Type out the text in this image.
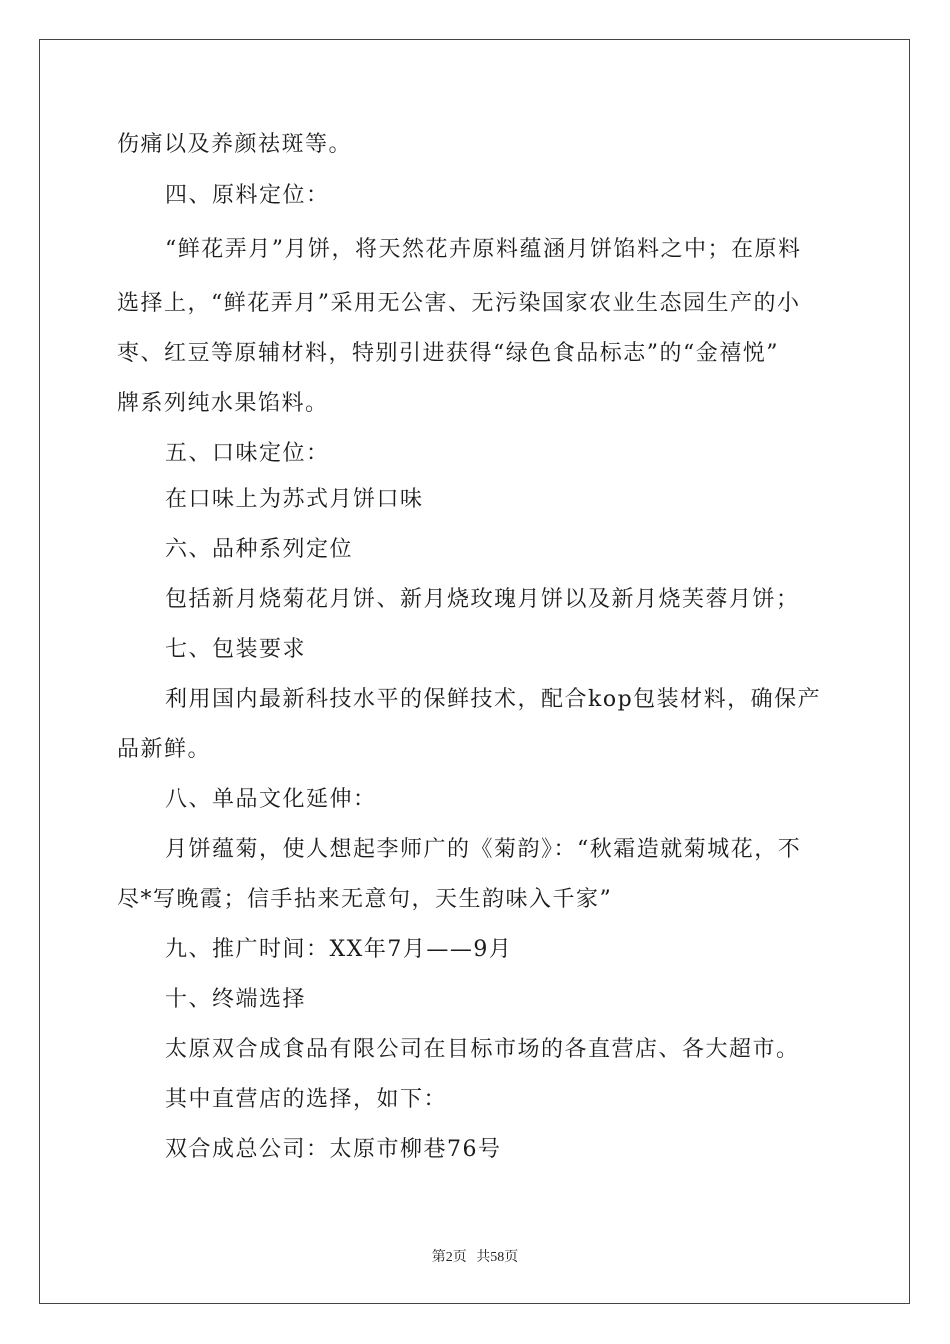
伤痛以及养颜祛斑等。
四、原料定位：
“鲜花弄月”月饼，将天然花卉原料蕴涵月饼馅料之中；在原料
选择上，“鲜花弄月”采用无公害、无污染国家农业生态园生产的小
枣、红豆等原辅材料，特别引进获得“绿色食品标志”的“金禧悦”
牌系列纯水果馅料。
五、口味定位：
在口味上为苏式月饼口味
六、品种系列定位
包括新月烧菊花月饼、新月烧玫瑰月饼以及新月烧芙蓉月饼；
七、包装要求
利用国内最新科技水平的保鲜技术，配合kop包装材料，确保产
品新鲜。
八、单品文化延伸：
月饼蕴菊，使人想起李师广的《菊韵》：“秋霜造就菊城花，不
尽*写晚霞；信手拈来无意句，天生韵味入千家”
九、推广时间：XX年7月——9月
十、终端选择
太原双合成食品有限公司在目标市场的各直营店、各大超市。
其中直营店的选择，如下：
双合成总公司：太原市柳巷76号
第2页 共58页
